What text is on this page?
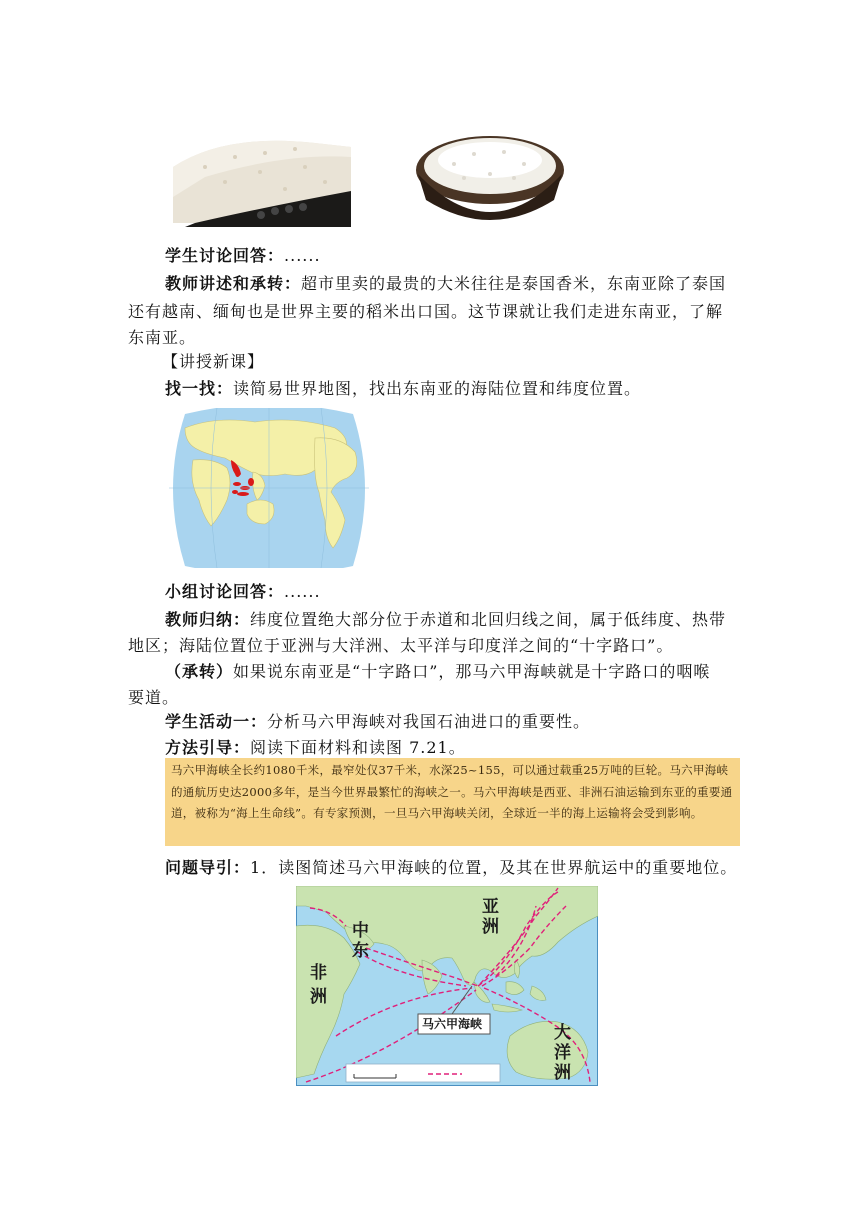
学生讨论回答：......
教师讲述和承转：超市里卖的最贵的大米往往是泰国香米，东南亚除了泰国
还有越南、缅甸也是世界主要的稻米出口国。这节课就让我们走进东南亚，了解
东南亚。
【讲授新课】
找一找：读简易世界地图，找出东南亚的海陆位置和纬度位置。
小组讨论回答：......
教师归纳：纬度位置绝大部分位于赤道和北回归线之间，属于低纬度、热带
地区；海陆位置位于亚洲与大洋洲、太平洋与印度洋之间的“十字路口”。
（承转）如果说东南亚是“十字路口”，那马六甲海峡就是十字路口的咽喉
要道。
学生活动一：分析马六甲海峡对我国石油进口的重要性。
方法引导：阅读下面材料和读图 7.21。
马六甲海峡全长约1080千米，最窄处仅37千米，水深25~155，可以通过载重25万吨的巨轮。马六甲海峡的通航历史达2000多年，是当今世界最繁忙的海峡之一。马六甲海峡是西亚、非洲石油运输到东亚的重要通道，被称为“海上生命线”。有专家预测，一旦马六甲海峡关闭，全球近一半的海上运输将会受到影响。
问题导引：1．读图简述马六甲海峡的位置，及其在世界航运中的重要地位。
亚
洲
中
东
非
洲
大
洋
洲
马六甲海峡
